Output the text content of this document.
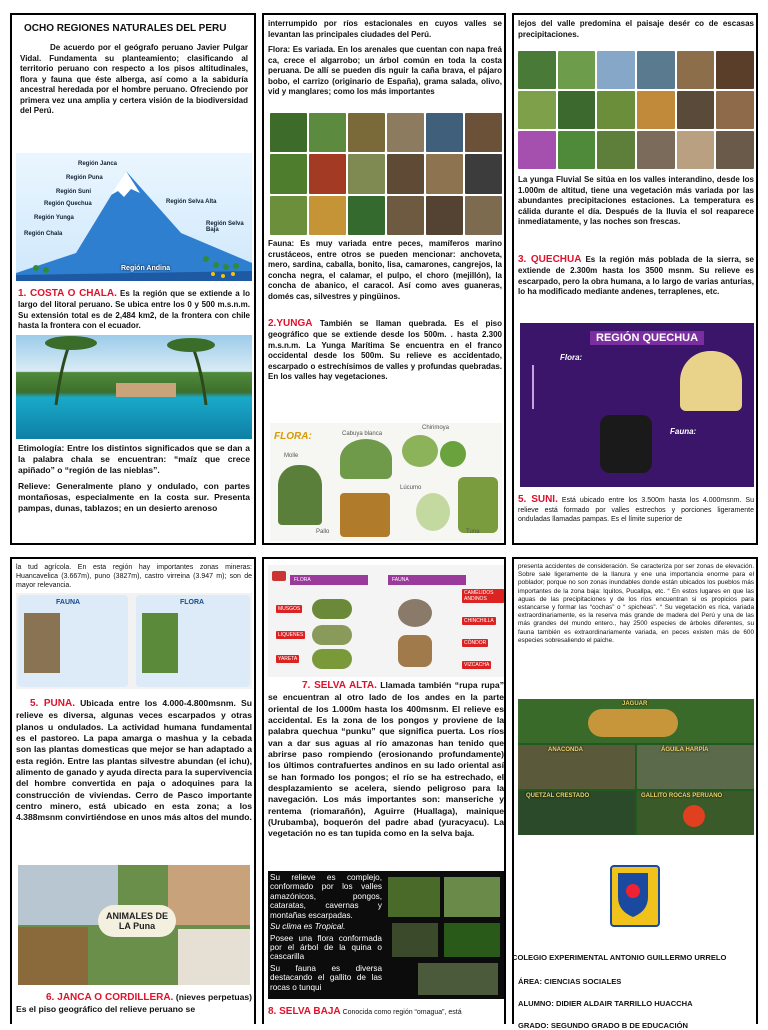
OCHO REGIONES NATURALES DEL PERU
De acuerdo por el geógrafo peruano Javier Pulgar Vidal. Fundamenta su planteamiento; clasificando al territorio peruano con respecto a los pisos altitudinales, flora y fauna que éste alberga, así como a la sabiduría ancestral heredada por el hombre peruano. Ofreciendo por primera vez una amplia y certera visión de la biodiversidad del Perú.
Región Janca
Región Puna
Región Suni
Región Quechua
Región Yunga
Región Chala
Región Selva Alta
Región Selva Baja
Región Andina
1. COSTA O CHALA. Es la región que se extiende a lo largo del litoral peruano. Se ubica entre los 0 y 500 m.s.n.m. Su extensión total es de 2,484 km2, de la frontera con chile hasta la frontera con el ecuador.
Etimología: Entre los distintos significados que se dan a la palabra chala se encuentran: “maíz que crece apiñado” o “región de las nieblas”.
Relieve: Generalmente plano y ondulado, con partes montañosas, especialmente en la costa sur. Presenta pampas, dunas, tablazos; en un desierto arenoso
interrumpido por ríos estacionales en cuyos valles se levantan las principales ciudades del Perú.
Flora: Es variada. En los arenales que cuentan con napa freá ca, crece el algarrobo; un árbol común en toda la costa peruana. De allí se pueden dis nguir la caña brava, el pájaro bobo, el carrizo (originario de España), grama salada, olivo, vid y manglares; como los más importantes
Fauna: Es muy variada entre peces, mamíferos marino crustáceos, entre otros se pueden mencionar: anchoveta, mero, sardina, caballa, bonito, lisa, camarones, cangrejos, la concha negra, el calamar, el pulpo, el choro (mejillón), la concha de abanico, el caracol. Así como aves guaneras, domés cas, silvestres y pingüinos.
2.YUNGA También se llaman quebrada. Es el piso geográfico que se extiende desde los 500m. . hasta 2.300 m.s.n.m. La Yunga Marítima Se encuentra en el franco occidental desde los 500m. Su relieve es accidentado, escarpado o estrechísimos de valles y profundas quebradas. En los valles hay vegetaciones.
FLORA:
Molle
Cabuya blanca
Chirimoya
Lúcumo
Pallo	Tuna
lejos del valle predomina el paisaje desér co de escasas precipitaciones.
La yunga Fluvial Se sitúa en los valles interandino, desde los 1.000m de altitud, tiene una vegetación más variada por las abundantes precipitaciones estaciones. La temperatura es cálida durante el día. Después de la lluvia el sol reaparece inmediatamente, y las noches son frescas.
3. QUECHUA Es la región más poblada de la sierra, se extiende de 2.300m hasta los 3500 msnm. Su relieve es escarpado, pero la obra humana, a lo largo de varias anturias, lo ha modificado mediante andenes, terraplenes, etc.
REGIÓN QUECHUA
Flora:
Fauna:
5. SUNI. Está ubicado entre los 3.500m hasta los 4.000msnm. Su relieve está formado por valles estrechos y porciones ligeramente onduladas llamadas pampas. Es el límite superior de
la tud agrícola. En esta región hay importantes zonas mineras: Huancavelica (3.667m), puno (3827m), castro virreina (3.947 m); son de mayor relevancia.
FAUNA	FLORA
5. PUNA. Ubicada entre los 4.000-4.800msnm. Su relieve es diversa, algunas veces escarpados y otras planos u ondulados. La actividad humana fundamental es el pastoreo. La papa amarga o mashua y la cebada son las plantas domesticas que mejor se han adaptado a esta región. Entre las plantas silvestre abundan (el ichu), alimento de ganado y ayuda directa para la supervivencia del hombre convertida en paja o adoquines para la construcción de viviendas. Cerro de Pasco importante centro minero, está ubicado en esta zona; a los 4.388msnm convirtiéndose en unos más altos del mundo.
ANIMALES DE LA Puna
6. JANCA O CORDILLERA. (nieves perpetuas) Es el piso geográfico del relieve peruano se
FLORA	FAUNA
MUSGOS
LIQUENES
YARETA
CAMÉLIDOS ANDINOS
CHINCHILLA
CÓNDOR
VIZCACHA
7. SELVA ALTA. Llamada también “rupa rupa” se encuentran al otro lado de los andes en la parte oriental de los 1.000m hasta los 400msnm. El relieve es accidental. Es la zona de los pongos y proviene de la palabra quechua “punku” que significa puerta. Los ríos van a dar sus aguas al río amazonas han tenido que abrirse paso rompiendo (erosionando profundamente) los últimos contrafuertes andinos en su lado oriental así se han formado los pongos; el río se ha estrechado, el desplazamiento se acelera, siendo peligroso para la navegación. Los más importantes son: manseriche y rentema (riomarañón), Aguirre (Huallaga), mainique (Urubamba), boquerón del padre abad (yuracyacu). La vegetación no es tan tupida como en la selva baja.

Su relieve es complejo, conformado por los valles amazónicos, pongos, cataratas, cavernas y montañas escarpadas.

Su clima es Tropical.

Posee una flora conformada por el árbol de la quina o cascarilla

Su fauna es diversa destacando el gallito de las rocas o tunqui

8. SELVA BAJA Conocida como región “omagua”, está
presenta accidentes de consideración. Se caracteriza por ser zonas de elevación. Sobre sale ligeramente de la llanura y ene una importancia enorme para el poblador; porque no son zonas inundables donde están ubicados los pueblos más importantes de la zona baja: Iquitos, Pucallpa, etc. “ En estos lugares en que las aguas de las precipitaciones y de los ríos encuentran si os propicios para estancarse y formar las “cochas” o “ spicheas”. “ Su vegetación es rica, variada extraordinariamente, es la reserva más grande de madera del Perú y una de las más grandes del mundo entero., hay 2500 especies de árboles diferentes, su fauna también es extraordinariamente variada, en peces existen más de 600 especies sobresaliendo el paiche.
JAGUAR
ANACONDA	ÁGUILA HARPÍA
QUETZAL CRESTADO	GALLITO ROCAS PERUANO
COLEGIO EXPERIMENTAL ANTONIO GUILLERMO URRELO
ÁREA: CIENCIAS SOCIALES
ALUMNO: DIDIER ALDAIR TARRILLO HUACCHA
GRADO: SEGUNDO GRADO B DE EDUCACIÓN
